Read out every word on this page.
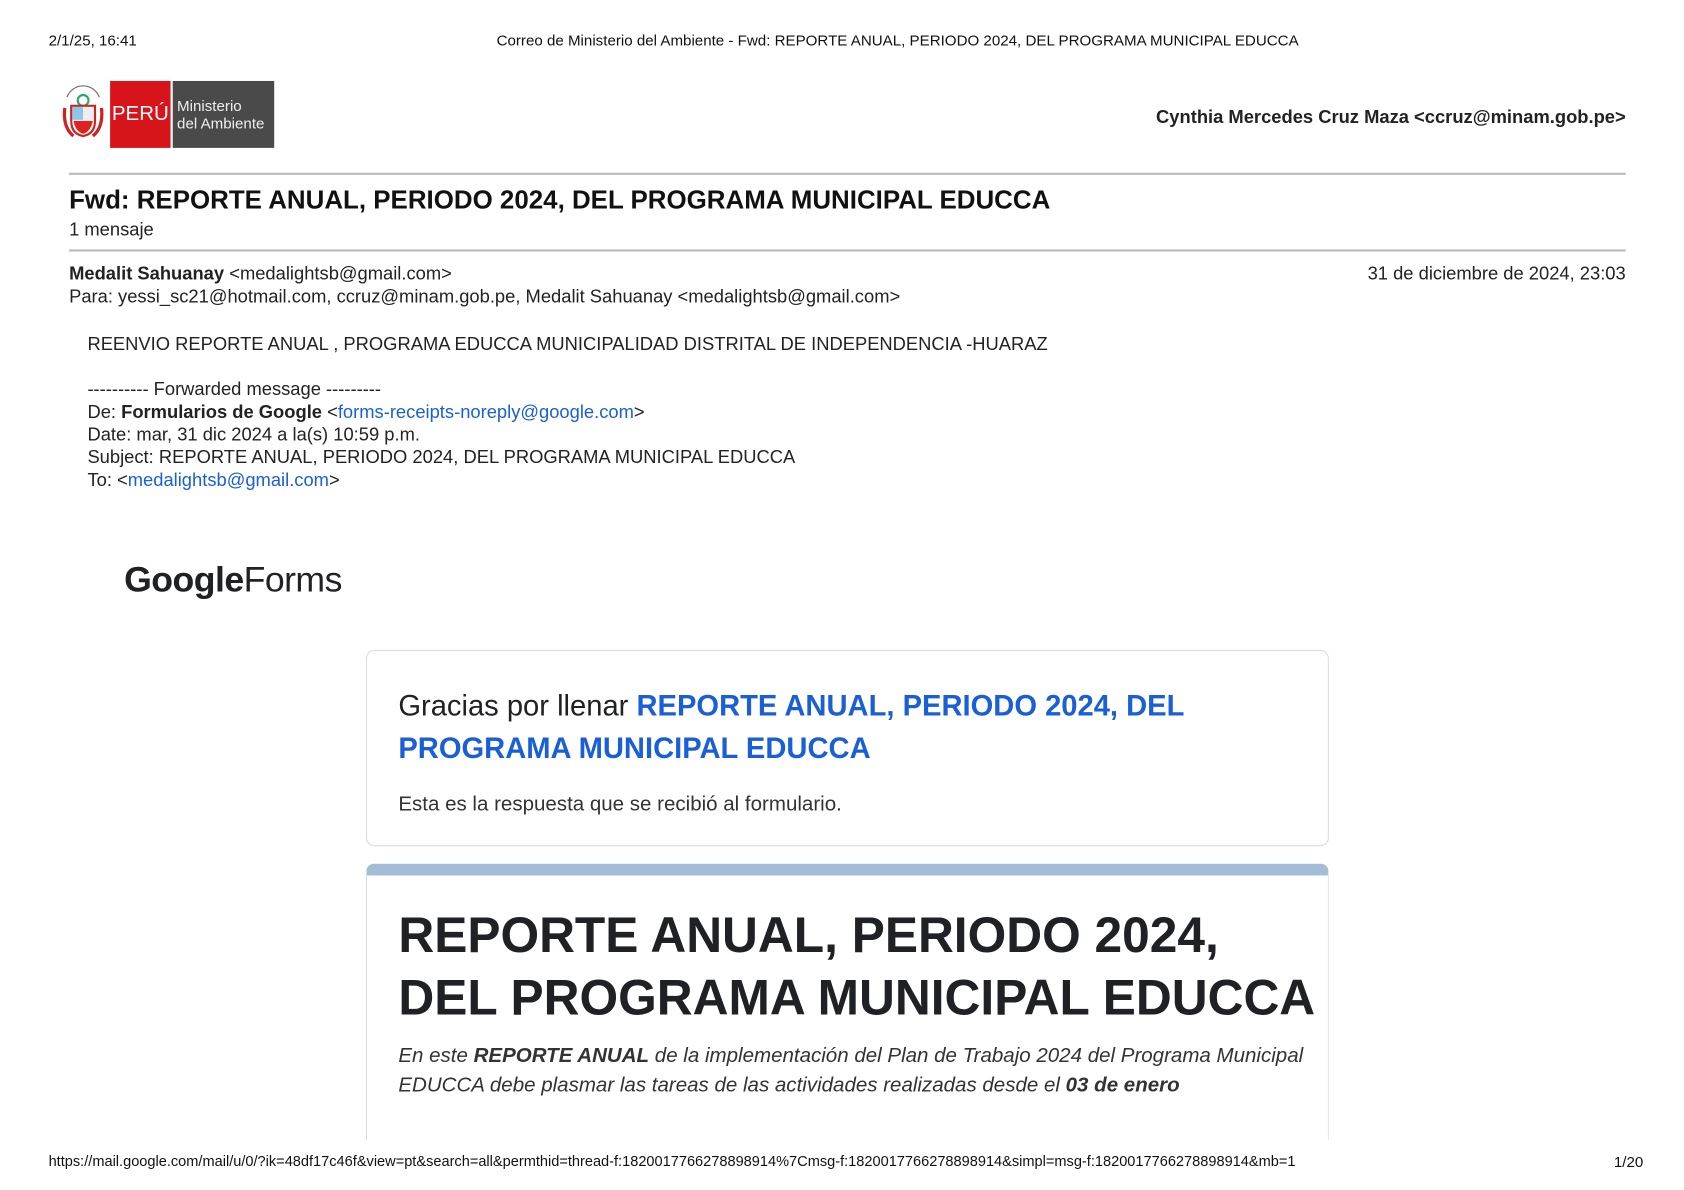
2/1/25, 16:41	Correo de Ministerio del Ambiente - Fwd: REPORTE ANUAL, PERIODO 2024, DEL PROGRAMA MUNICIPAL EDUCCA
PERÚ Ministerio
del Ambiente	Cynthia Mercedes Cruz Maza <ccruz@minam.gob.pe>
Fwd: REPORTE ANUAL, PERIODO 2024, DEL PROGRAMA MUNICIPAL EDUCCA
1 mensaje
Medalit Sahuanay <medalightsb@gmail.com>	31 de diciembre de 2024, 23:03
Para: yessi_sc21@hotmail.com, ccruz@minam.gob.pe, Medalit Sahuanay <medalightsb@gmail.com>
REENVIO REPORTE ANUAL , PROGRAMA EDUCCA MUNICIPALIDAD DISTRITAL DE INDEPENDENCIA -HUARAZ
---------- Forwarded message ---------
De: Formularios de Google <forms-receipts-noreply@google.com>
Date: mar, 31 dic 2024 a la(s) 10:59 p.m.
Subject: REPORTE ANUAL, PERIODO 2024, DEL PROGRAMA MUNICIPAL EDUCCA
To: <medalightsb@gmail.com>
GoogleForms
Gracias por llenar REPORTE ANUAL, PERIODO 2024, DEL PROGRAMA MUNICIPAL EDUCCA
Esta es la respuesta que se recibió al formulario.
REPORTE ANUAL, PERIODO 2024, DEL PROGRAMA MUNICIPAL EDUCCA
En este REPORTE ANUAL de la implementación del Plan de Trabajo 2024 del Programa Municipal EDUCCA debe plasmar las tareas de las actividades realizadas desde el 03 de enero
https://mail.google.com/mail/u/0/?ik=48df17c46f&view=pt&search=all&permthid=thread-f:1820017766278898914%7Cmsg-f:1820017766278898914&simpl=msg-f:1820017766278898914&mb=1	1/20
